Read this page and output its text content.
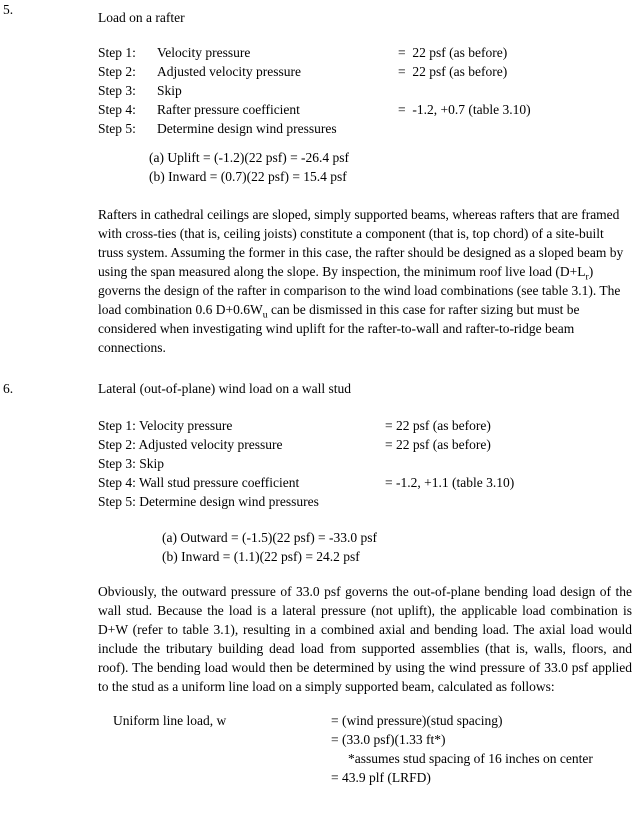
5.
Load on a rafter
Step 1:	Velocity pressure	=  22 psf (as before)
Step 2:	Adjusted velocity pressure	=  22 psf (as before)
Step 3:	Skip
Step 4:	Rafter pressure coefficient	=  -1.2, +0.7 (table 3.10)
Step 5:	Determine design wind pressures
(a) Uplift = (-1.2)(22 psf) = -26.4 psf
(b) Inward = (0.7)(22 psf) = 15.4 psf

Rafters in cathedral ceilings are sloped, simply supported beams, whereas rafters that are framed with cross-ties (that is, ceiling joists) constitute a component (that is, top chord) of a site-built truss system. Assuming the former in this case, the rafter should be designed as a sloped beam by using the span measured along the slope. By inspection, the minimum roof live load $(D+L_r)$ governs the design of the rafter in comparison to the wind load combinations (see table 3.1). The load combination 0.6 $D+0.6W_u$ can be dismissed in this case for rafter sizing but must be considered when investigating wind uplift for the rafter-to-wall and rafter-to-ridge beam connections.

6.	Lateral (out-of-plane) wind load on a wall stud
Step 1: Velocity pressure	= 22 psf (as before)
Step 2: Adjusted velocity pressure	= 22 psf (as before)
Step 3: Skip
Step 4: Wall stud pressure coefficient	= -1.2, +1.1 (table 3.10)
Step 5: Determine design wind pressures
(a) Outward = (-1.5)(22 psf) = -33.0 psf
(b) Inward = (1.1)(22 psf) = 24.2 psf

Obviously, the outward pressure of 33.0 psf governs the out-of-plane bending load design of the wall stud. Because the load is a lateral pressure (not uplift), the applicable load combination is D+W (refer to table 3.1), resulting in a combined axial and bending load. The axial load would include the tributary building dead load from supported assemblies (that is, walls, floors, and roof). The bending load would then be determined by using the wind pressure of 33.0 psf applied to the stud as a uniform line load on a simply supported beam, calculated as follows:

Uniform line load, w	= (wind pressure)(stud spacing)
= (33.0 psf)(1.33 ft*)
*assumes stud spacing of 16 inches on center
= 43.9 plf (LRFD)
